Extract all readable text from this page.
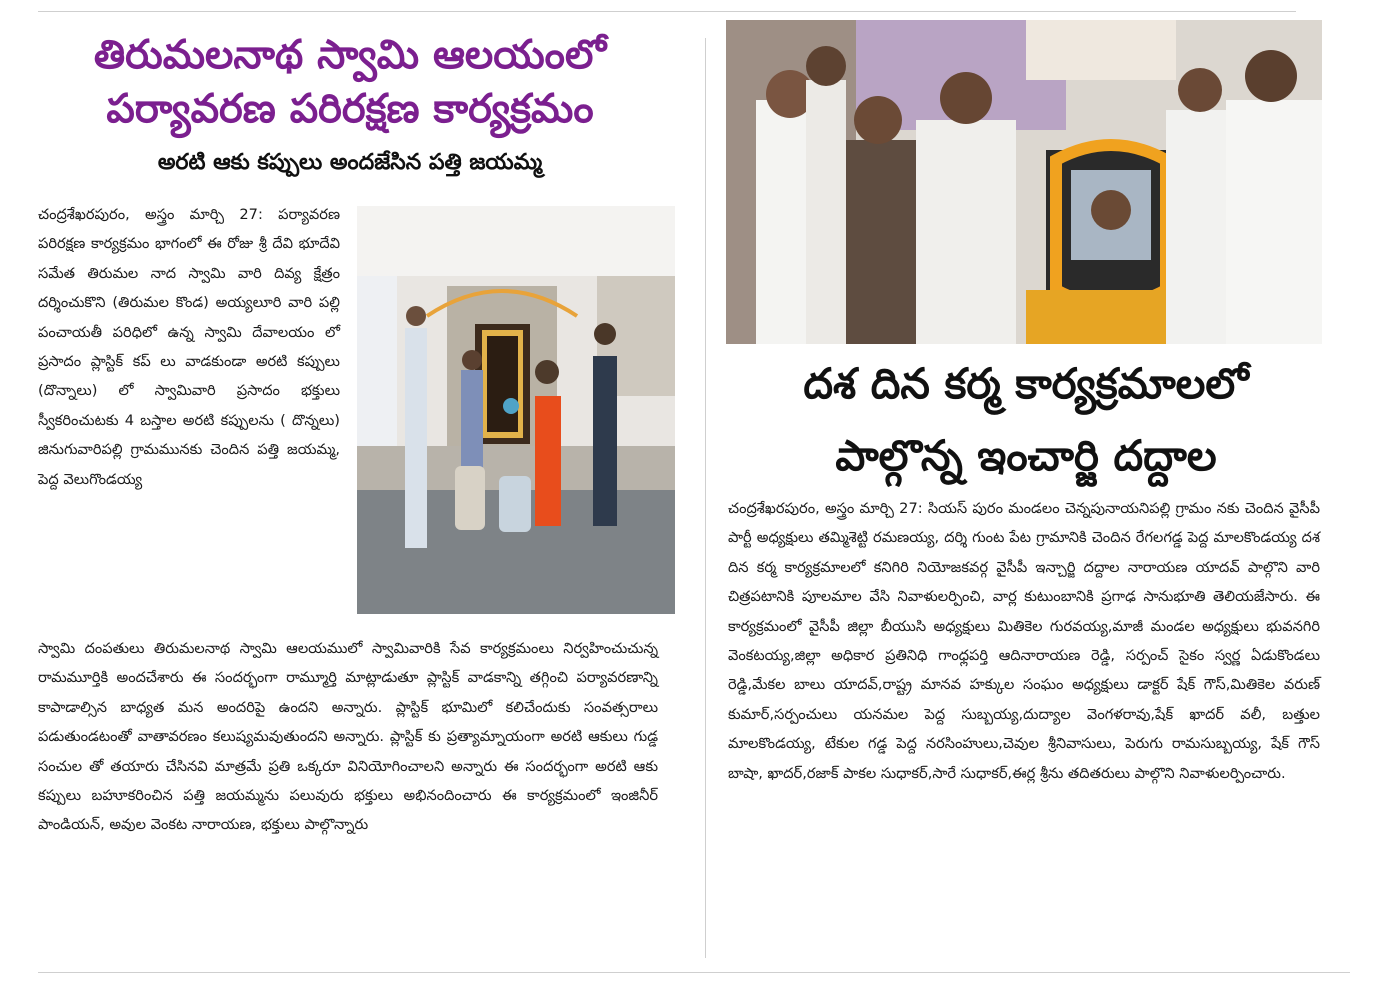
తిరుమలనాథ స్వామి ఆలయంలో
పర్యావరణ పరిరక్షణ కార్యక్రమం
అరటి ఆకు కప్పులు అందజేసిన పత్తి జయమ్మ
చంద్రశేఖరపురం, అస్త్రం మార్చి 27: పర్యావరణ పరిరక్షణ కార్యక్రమం భాగంలో ఈ రోజు శ్రీ దేవి భూదేవి సమేత తిరుమల నాద స్వామి వారి దివ్య క్షేత్రం దర్శించుకొని (తిరుమల కొండ) అయ్యలూరి వారి పల్లి పంచాయతీ పరిధిలో ఉన్న స్వామి దేవాలయం లో ప్రసాదం ప్లాస్టిక్ కప్ లు వాడకుండా అరటి కప్పులు (దొన్నాలు) లో స్వామివారి ప్రసాదం భక్తులు స్వీకరించుటకు 4 బస్తాల అరటి కప్పులను ( దొన్నలు) జినుగువారిపల్లి గ్రామమునకు చెందిన పత్తి జయమ్మ, పెద్ద వెలుగొండయ్య
స్వామి దంపతులు తిరుమలనాథ స్వామి ఆలయములో స్వామివారికి సేవ కార్యక్రమంలు నిర్వహించుచున్న రామమూర్తికి అందచేశారు ఈ సందర్భంగా రామ్మూర్తి మాట్లాడుతూ ప్లాస్టిక్ వాడకాన్ని తగ్గించి పర్యావరణాన్ని కాపాడాల్సిన బాధ్యత మన అందరిపై ఉందని అన్నారు. ప్లాస్టిక్ భూమిలో కలిచేందుకు సంవత్సరాలు పడుతుండటంతో వాతావరణం కలుష్యమవుతుందని అన్నారు. ప్లాస్టిక్ కు ప్రత్యామ్నాయంగా అరటి ఆకులు గుడ్డ సంచుల తో తయారు చేసినవి మాత్రమే ప్రతి ఒక్కరూ వినియోగించాలని అన్నారు ఈ సందర్భంగా అరటి ఆకు కప్పులు బహూకరించిన పత్తి జయమ్మను పలువురు భక్తులు అభినందించారు ఈ కార్యక్రమంలో ఇంజినీర్ పాండియన్, అవుల వెంకట నారాయణ, భక్తులు పాల్గొన్నారు
దశ దిన కర్మ కార్యక్రమాలలో
పాల్గొన్న ఇంచార్జి దద్దాల
చంద్రశేఖరపురం, అస్త్రం మార్చి 27: సియస్ పురం మండలం చెన్నపునాయనిపల్లి గ్రామం నకు చెందిన వైసీపీ పార్టీ అధ్యక్షులు తమ్మిశెట్టి రమణయ్య, దర్శి గుంట పేట గ్రామానికి చెందిన రేగలగడ్డ పెద్ద మాలకొండయ్య దశ దిన కర్మ కార్యక్రమాలలో కనిగిరి నియోజకవర్గ వైసీపీ ఇన్చార్జి దద్దాల నారాయణ యాదవ్ పాల్గొని వారి చిత్రపటానికి పూలమాల వేసి నివాళులర్పించి, వార్ల కుటుంబానికి ప్రగాఢ సానుభూతి తెలియజేసారు. ఈ కార్యక్రమంలో వైసీపీ జిల్లా బీయుసి అధ్యక్షులు మితికెల గురవయ్య,మాజీ మండల అధ్యక్షులు భువనగిరి వెంకటయ్య,జిల్లా అధికార ప్రతినిధి గాంధ్లపర్తి ఆదినారాయణ రెడ్డి, సర్పంచ్ సైకం స్వర్ణ ఏడుకొండలు రెడ్డి,మేకల బాలు యాదవ్,రాష్ట్ర మానవ హక్కుల సంఘం అధ్యక్షులు డాక్టర్ షేక్ గౌస్,మితికెల వరుణ్ కుమార్,సర్పంచులు యనమల పెద్ద సుబ్బయ్య,దుద్యాల వెంగళరావు,షేక్ ఖాదర్ వలీ, బత్తుల మాలకొండయ్య, టేకుల గడ్డ పెద్ద నరసింహులు,చెవుల శ్రీనివాసులు, పెరుగు రామసుబ్బయ్య, షేక్ గౌస్ బాషా, ఖాదర్,రజాక్ పాకల సుధాకర్,సారే సుధాకర్,ఈర్ల శ్రీను తదితరులు పాల్గొని నివాళులర్పించారు.
